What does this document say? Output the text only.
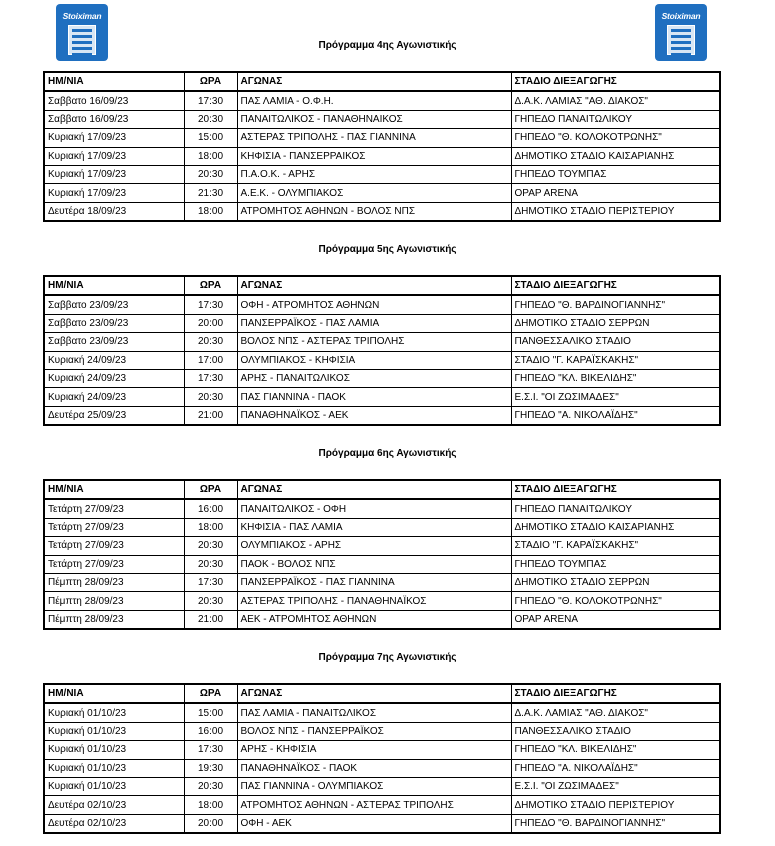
Stoiximan	Stoiximan
Πρόγραμμα 4ης Αγωνιστικής
ΗΜ/ΝΙΑ	ΩΡΑ	ΑΓΩΝΑΣ	ΣΤΑΔΙΟ ΔΙΕΞΑΓΩΓΗΣ
Σαββατο 16/09/23	17:30	ΠΑΣ ΛΑΜΙΑ - Ο.Φ.Η.	Δ.Α.Κ. ΛΑΜΙΑΣ "ΑΘ. ΔΙΑΚΟΣ"
Σαββατο 16/09/23	20:30	ΠΑΝΑΙΤΩΛΙΚΟΣ - ΠΑΝΑΘΗΝΑΙΚΟΣ	ΓΗΠΕΔΟ ΠΑΝΑΙΤΩΛΙΚΟΥ
Κυριακή 17/09/23	15:00	ΑΣΤΕΡΑΣ ΤΡΙΠΟΛΗΣ - ΠΑΣ ΓΙΑΝΝΙΝΑ	ΓΗΠΕΔΟ "Θ. ΚΟΛΟΚΟΤΡΩΝΗΣ"
Κυριακή 17/09/23	18:00	ΚΗΦΙΣΙΑ - ΠΑΝΣΕΡΡΑΙΚΟΣ	ΔΗΜΟΤΙΚΟ ΣΤΑΔΙΟ ΚΑΙΣΑΡΙΑΝΗΣ
Κυριακή 17/09/23	20:30	Π.Α.Ο.Κ. - ΑΡΗΣ	ΓΗΠΕΔΟ ΤΟΥΜΠΑΣ
Κυριακή 17/09/23	21:30	Α.Ε.Κ. - ΟΛΥΜΠΙΑΚΟΣ	OPAP ARENA
Δευτέρα 18/09/23	18:00	ΑΤΡΟΜΗΤΟΣ ΑΘΗΝΩΝ - ΒΟΛΟΣ ΝΠΣ	ΔΗΜΟΤΙΚΟ ΣΤΑΔΙΟ ΠΕΡΙΣΤΕΡΙΟΥ
Πρόγραμμα 5ης Αγωνιστικής
ΗΜ/ΝΙΑ	ΩΡΑ	ΑΓΩΝΑΣ	ΣΤΑΔΙΟ ΔΙΕΞΑΓΩΓΗΣ
Σαββατο 23/09/23	17:30	ΟΦΗ - ΑΤΡΟΜΗΤΟΣ ΑΘΗΝΩΝ	ΓΗΠΕΔΟ "Θ. ΒΑΡΔΙΝΟΓΙΑΝΝΗΣ"
Σαββατο 23/09/23	20:00	ΠΑΝΣΕΡΡΑΪΚΟΣ - ΠΑΣ ΛΑΜΙΑ	ΔΗΜΟΤΙΚΟ ΣΤΑΔΙΟ ΣΕΡΡΩΝ
Σαββατο 23/09/23	20:30	ΒΟΛΟΣ ΝΠΣ - ΑΣΤΕΡΑΣ ΤΡΙΠΟΛΗΣ	ΠΑΝΘΕΣΣΑΛΙΚΟ ΣΤΑΔΙΟ
Κυριακή 24/09/23	17:00	ΟΛΥΜΠΙΑΚΟΣ - ΚΗΦΙΣΙΑ	ΣΤΑΔΙΟ "Γ. ΚΑΡΑΪΣΚΑΚΗΣ"
Κυριακή 24/09/23	17:30	ΑΡΗΣ - ΠΑΝΑΙΤΩΛΙΚΟΣ	ΓΗΠΕΔΟ "ΚΛ. ΒΙΚΕΛΙΔΗΣ"
Κυριακή 24/09/23	20:30	ΠΑΣ ΓΙΑΝΝΙΝΑ - ΠΑΟΚ	Ε.Σ.Ι. "ΟΙ ΖΩΣΙΜΑΔΕΣ"
Δευτέρα 25/09/23	21:00	ΠΑΝΑΘΗΝΑΪΚΟΣ - ΑΕΚ	ΓΗΠΕΔΟ "Α. ΝΙΚΟΛΑΪΔΗΣ"
Πρόγραμμα 6ης Αγωνιστικής
ΗΜ/ΝΙΑ	ΩΡΑ	ΑΓΩΝΑΣ	ΣΤΑΔΙΟ ΔΙΕΞΑΓΩΓΗΣ
Τετάρτη 27/09/23	16:00	ΠΑΝΑΙΤΩΛΙΚΟΣ - ΟΦΗ	ΓΗΠΕΔΟ ΠΑΝΑΙΤΩΛΙΚΟΥ
Τετάρτη 27/09/23	18:00	ΚΗΦΙΣΙΑ - ΠΑΣ ΛΑΜΙΑ	ΔΗΜΟΤΙΚΟ ΣΤΑΔΙΟ ΚΑΙΣΑΡΙΑΝΗΣ
Τετάρτη 27/09/23	20:30	ΟΛΥΜΠΙΑΚΟΣ - ΑΡΗΣ	ΣΤΑΔΙΟ "Γ. ΚΑΡΑΪΣΚΑΚΗΣ"
Τετάρτη 27/09/23	20:30	ΠΑΟΚ - ΒΟΛΟΣ ΝΠΣ	ΓΗΠΕΔΟ ΤΟΥΜΠΑΣ
Πέμπτη 28/09/23	17:30	ΠΑΝΣΕΡΡΑΪΚΟΣ - ΠΑΣ ΓΙΑΝΝΙΝΑ	ΔΗΜΟΤΙΚΟ ΣΤΑΔΙΟ ΣΕΡΡΩΝ
Πέμπτη 28/09/23	20:30	ΑΣΤΕΡΑΣ ΤΡΙΠΟΛΗΣ - ΠΑΝΑΘΗΝΑΪΚΟΣ	ΓΗΠΕΔΟ "Θ. ΚΟΛΟΚΟΤΡΩΝΗΣ"
Πέμπτη 28/09/23	21:00	ΑΕΚ - ΑΤΡΟΜΗΤΟΣ ΑΘΗΝΩΝ	OPAP ARENA
Πρόγραμμα 7ης Αγωνιστικής
ΗΜ/ΝΙΑ	ΩΡΑ	ΑΓΩΝΑΣ	ΣΤΑΔΙΟ ΔΙΕΞΑΓΩΓΗΣ
Κυριακή 01/10/23	15:00	ΠΑΣ ΛΑΜΙΑ - ΠΑΝΑΙΤΩΛΙΚΟΣ	Δ.Α.Κ. ΛΑΜΙΑΣ "ΑΘ. ΔΙΑΚΟΣ"
Κυριακή 01/10/23	16:00	ΒΟΛΟΣ ΝΠΣ - ΠΑΝΣΕΡΡΑΪΚΟΣ	ΠΑΝΘΕΣΣΑΛΙΚΟ ΣΤΑΔΙΟ
Κυριακή 01/10/23	17:30	ΑΡΗΣ - ΚΗΦΙΣΙΑ	ΓΗΠΕΔΟ "ΚΛ. ΒΙΚΕΛΙΔΗΣ"
Κυριακή 01/10/23	19:30	ΠΑΝΑΘΗΝΑΪΚΟΣ - ΠΑΟΚ	ΓΗΠΕΔΟ "Α. ΝΙΚΟΛΑΪΔΗΣ"
Κυριακή 01/10/23	20:30	ΠΑΣ ΓΙΑΝΝΙΝΑ - ΟΛΥΜΠΙΑΚΟΣ	Ε.Σ.Ι. "ΟΙ ΖΩΣΙΜΑΔΕΣ"
Δευτέρα 02/10/23	18:00	ΑΤΡΟΜΗΤΟΣ ΑΘΗΝΩΝ - ΑΣΤΕΡΑΣ ΤΡΙΠΟΛΗΣ	ΔΗΜΟΤΙΚΟ ΣΤΑΔΙΟ ΠΕΡΙΣΤΕΡΙΟΥ
Δευτέρα 02/10/23	20:00	ΟΦΗ - ΑΕΚ	ΓΗΠΕΔΟ "Θ. ΒΑΡΔΙΝΟΓΙΑΝΝΗΣ"
